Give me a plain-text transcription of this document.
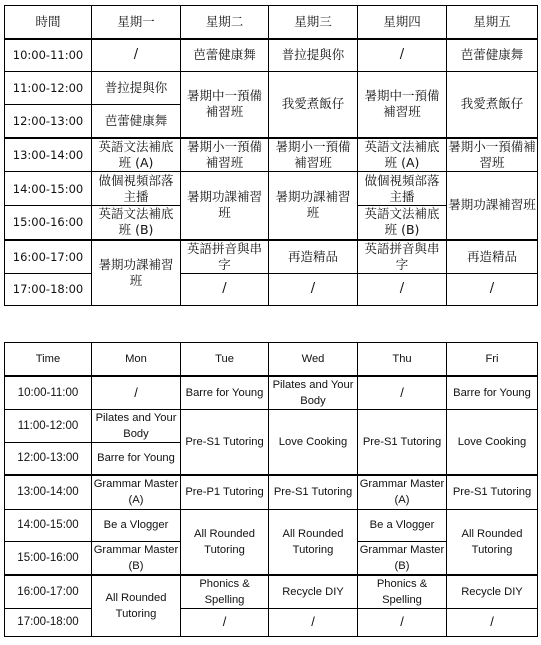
時間	星期一	星期二	星期三	星期四	星期五
10:00-11:00	/	芭蕾健康舞	普拉提與你	/	芭蕾健康舞
11:00-12:00	普拉提與你	暑期中一預備補習班	我愛煮飯仔	暑期中一預備補習班	我愛煮飯仔
12:00-13:00	芭蕾健康舞				
13:00-14:00	英語文法補底班 (A)	暑期小一預備補習班	暑期小一預備補習班	英語文法補底班 (A)	暑期小一預備補習班
14:00-15:00	做個視頻部落主播	暑期功課補習班	暑期功課補習班	做個視頻部落主播	暑期功課補習班
15:00-16:00	英語文法補底班 (B)			英語文法補底班 (B)	
16:00-17:00	暑期功課補習班	英語拼音與串字	再造精品	英語拼音與串字	再造精品
17:00-18:00		/	/	/	/
Time	Mon	Tue	Wed	Thu	Fri
10:00-11:00	/	Barre for Young	Pilates and Your Body	/	Barre for Young
11:00-12:00	Pilates and Your Body	Pre-S1 Tutoring	Love Cooking	Pre-S1 Tutoring	Love Cooking
12:00-13:00	Barre for Young				
13:00-14:00	Grammar Master (A)	Pre-P1 Tutoring	Pre-S1 Tutoring	Grammar Master (A)	Pre-S1 Tutoring
14:00-15:00	Be a Vlogger	All Rounded Tutoring	All Rounded Tutoring	Be a Vlogger	All Rounded Tutoring
15:00-16:00	Grammar Master (B)			Grammar Master (B)	
16:00-17:00	All Rounded Tutoring	Phonics & Spelling	Recycle DIY	Phonics & Spelling	Recycle DIY
17:00-18:00		/	/	/	/
